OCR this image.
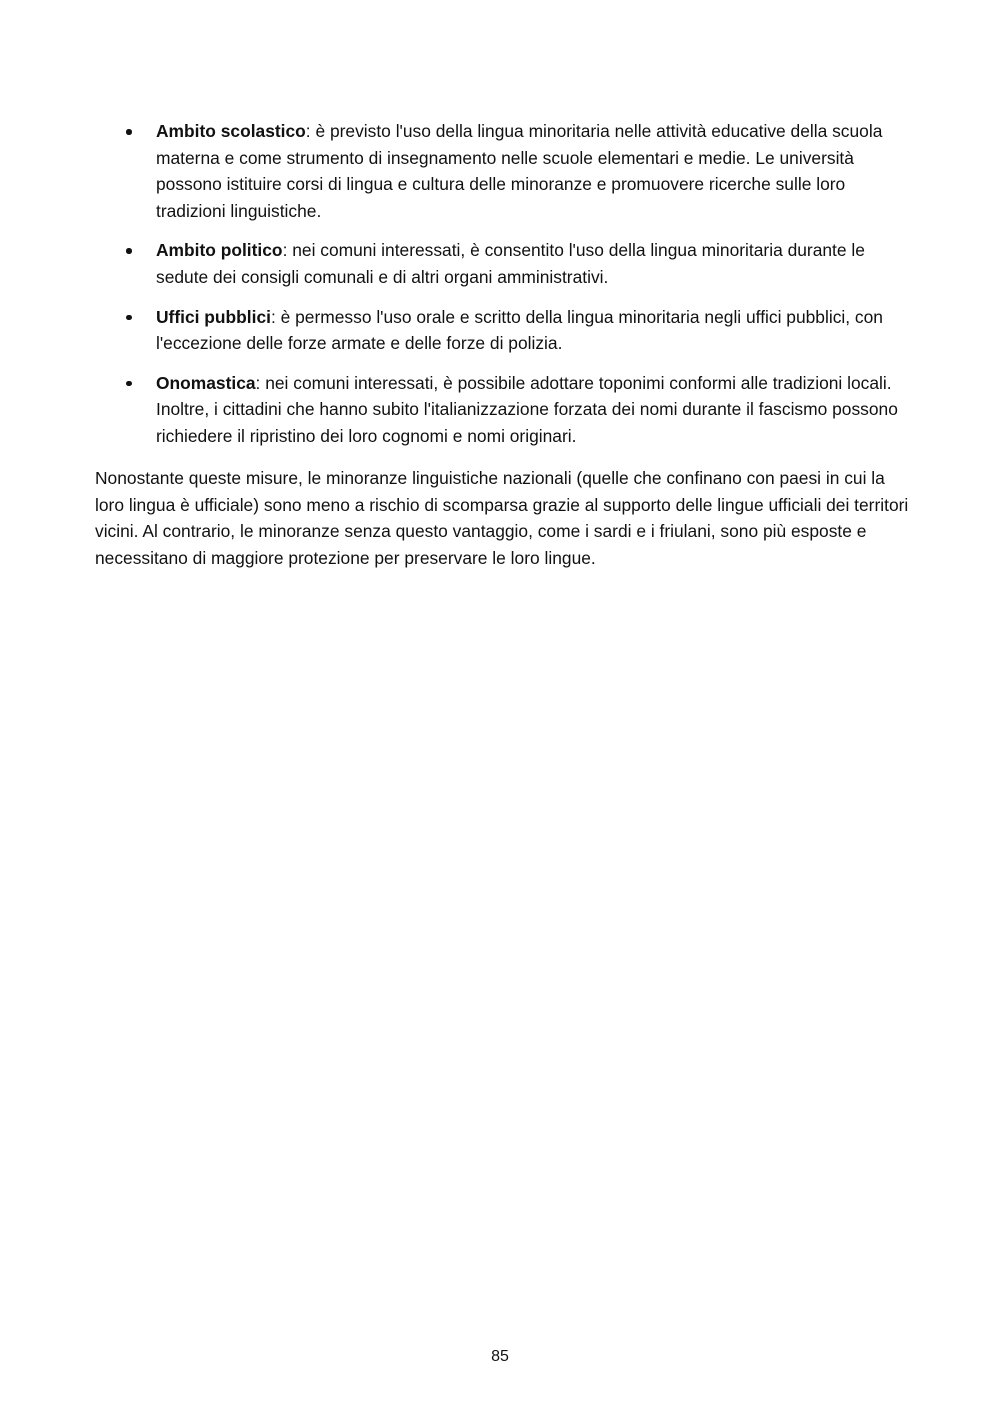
Ambito scolastico: è previsto l'uso della lingua minoritaria nelle attività educative della scuola materna e come strumento di insegnamento nelle scuole elementari e medie. Le università possono istituire corsi di lingua e cultura delle minoranze e promuovere ricerche sulle loro tradizioni linguistiche.
Ambito politico: nei comuni interessati, è consentito l'uso della lingua minoritaria durante le sedute dei consigli comunali e di altri organi amministrativi.
Uffici pubblici: è permesso l'uso orale e scritto della lingua minoritaria negli uffici pubblici, con l'eccezione delle forze armate e delle forze di polizia.
Onomastica: nei comuni interessati, è possibile adottare toponimi conformi alle tradizioni locali. Inoltre, i cittadini che hanno subito l'italianizzazione forzata dei nomi durante il fascismo possono richiedere il ripristino dei loro cognomi e nomi originari.

Nonostante queste misure, le minoranze linguistiche nazionali (quelle che confinano con paesi in cui la loro lingua è ufficiale) sono meno a rischio di scomparsa grazie al supporto delle lingue ufficiali dei territori vicini. Al contrario, le minoranze senza questo vantaggio, come i sardi e i friulani, sono più esposte e necessitano di maggiore protezione per preservare le loro lingue.

85
